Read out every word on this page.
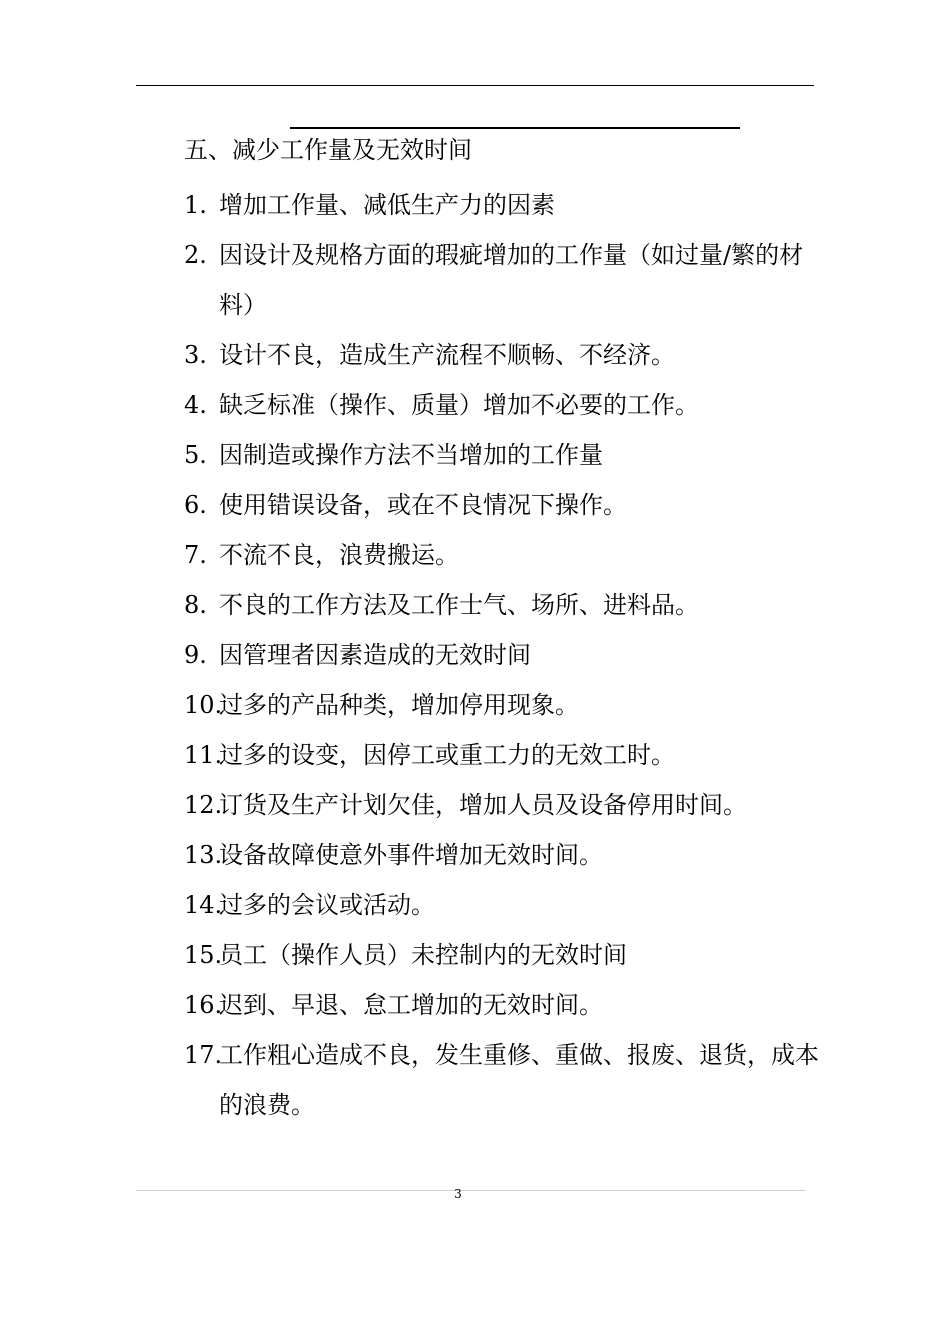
五、减少工作量及无效时间
1. 增加工作量、减低生产力的因素
2. 因设计及规格方面的瑕疵增加的工作量（如过量/繁的材料）
3. 设计不良，造成生产流程不顺畅、不经济。
4. 缺乏标准（操作、质量）增加不必要的工作。
5. 因制造或操作方法不当增加的工作量
6. 使用错误设备，或在不良情况下操作。
7. 不流不良，浪费搬运。
8. 不良的工作方法及工作士气、场所、进料品。
9. 因管理者因素造成的无效时间
10.
过多的产品种类，增加停用现象。
11.
过多的设变，因停工或重工力的无效工时。
12.
订货及生产计划欠佳，增加人员及设备停用时间。
13.
设备故障使意外事件增加无效时间。
14.
过多的会议或活动。
15.
员工（操作人员）未控制内的无效时间
16.
迟到、早退、怠工增加的无效时间。
17.
工作粗心造成不良，发生重修、重做、报废、退货，成本的浪费。
3
